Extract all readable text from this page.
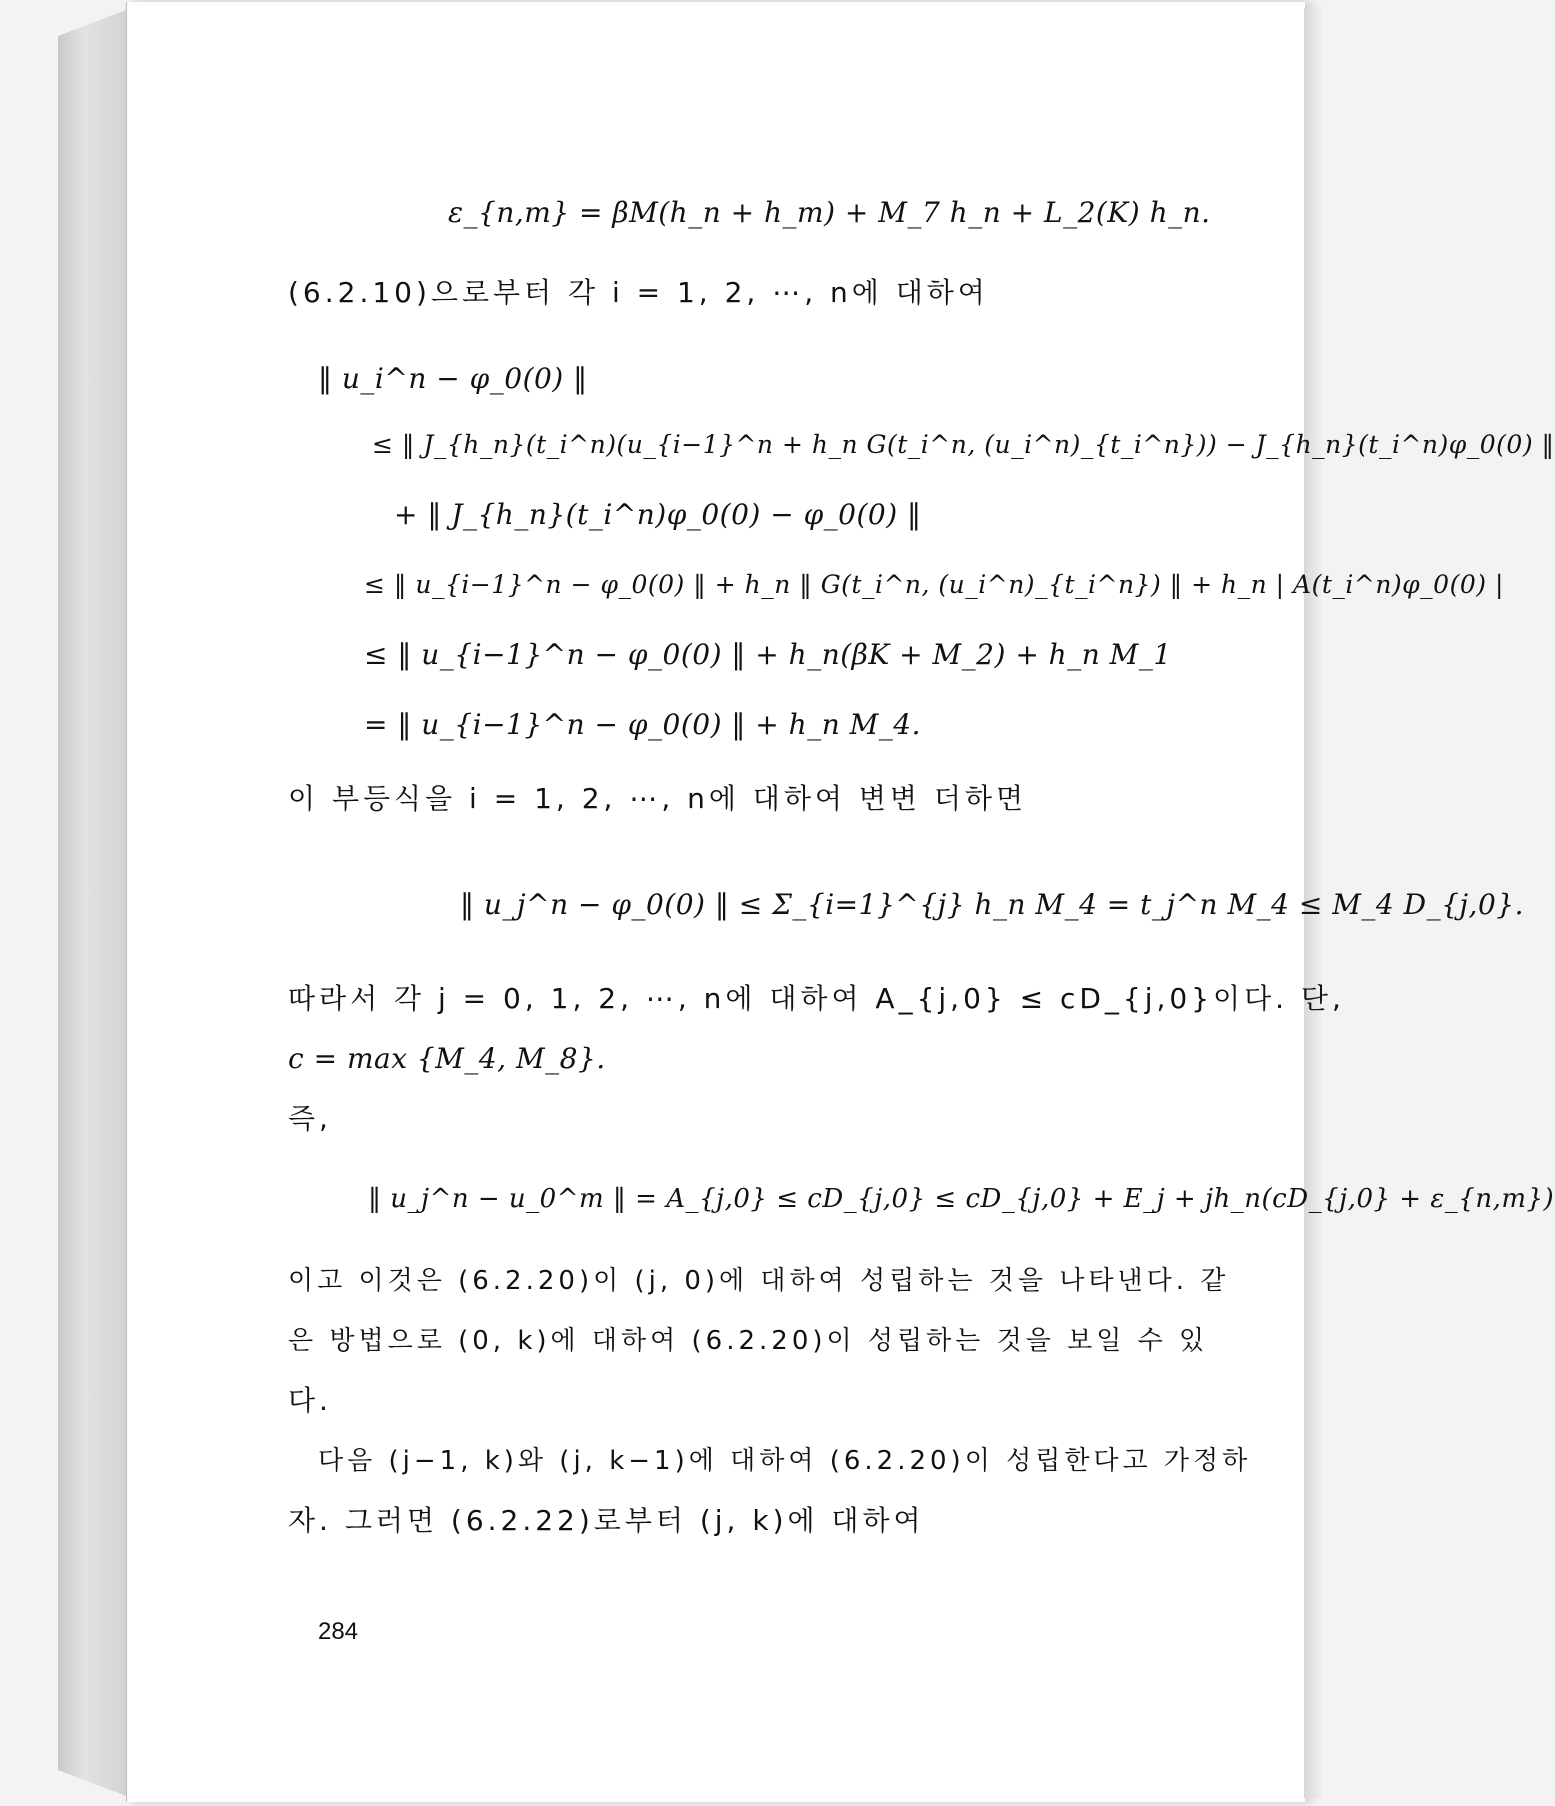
ε_{n,m} = βM(h_n + h_m) + M_7 h_n + L_2(K) h_n.
(6.2.10)으로부터 각 i = 1, 2, ⋯, n에 대하여
‖ u_i^n − φ_0(0) ‖
≤ ‖ J_{h_n}(t_i^n)(u_{i−1}^n + h_n G(t_i^n, (u_i^n)_{t_i^n})) − J_{h_n}(t_i^n)φ_0(0) ‖
+ ‖ J_{h_n}(t_i^n)φ_0(0) − φ_0(0) ‖
≤ ‖ u_{i−1}^n − φ_0(0) ‖ + h_n ‖ G(t_i^n, (u_i^n)_{t_i^n}) ‖ + h_n | A(t_i^n)φ_0(0) |
≤ ‖ u_{i−1}^n − φ_0(0) ‖ + h_n(βK + M_2) + h_n M_1
= ‖ u_{i−1}^n − φ_0(0) ‖ + h_n M_4.
이 부등식을 i = 1, 2, ⋯, n에 대하여 변변 더하면
‖ u_j^n − φ_0(0) ‖ ≤ Σ_{i=1}^{j} h_n M_4 = t_j^n M_4 ≤ M_4 D_{j,0}.
따라서 각 j = 0, 1, 2, ⋯, n에 대하여 A_{j,0} ≤ cD_{j,0}이다. 단,
c = max {M_4, M_8}.
즉,
‖ u_j^n − u_0^m ‖ = A_{j,0} ≤ cD_{j,0} ≤ cD_{j,0} + E_j + jh_n(cD_{j,0} + ε_{n,m})
이고 이것은 (6.2.20)이 (j, 0)에 대하여 성립하는 것을 나타낸다. 같
은 방법으로 (0, k)에 대하여 (6.2.20)이 성립하는 것을 보일 수 있
다.
다음 (j−1, k)와 (j, k−1)에 대하여 (6.2.20)이 성립한다고 가정하
자. 그러면 (6.2.22)로부터 (j, k)에 대하여
284
